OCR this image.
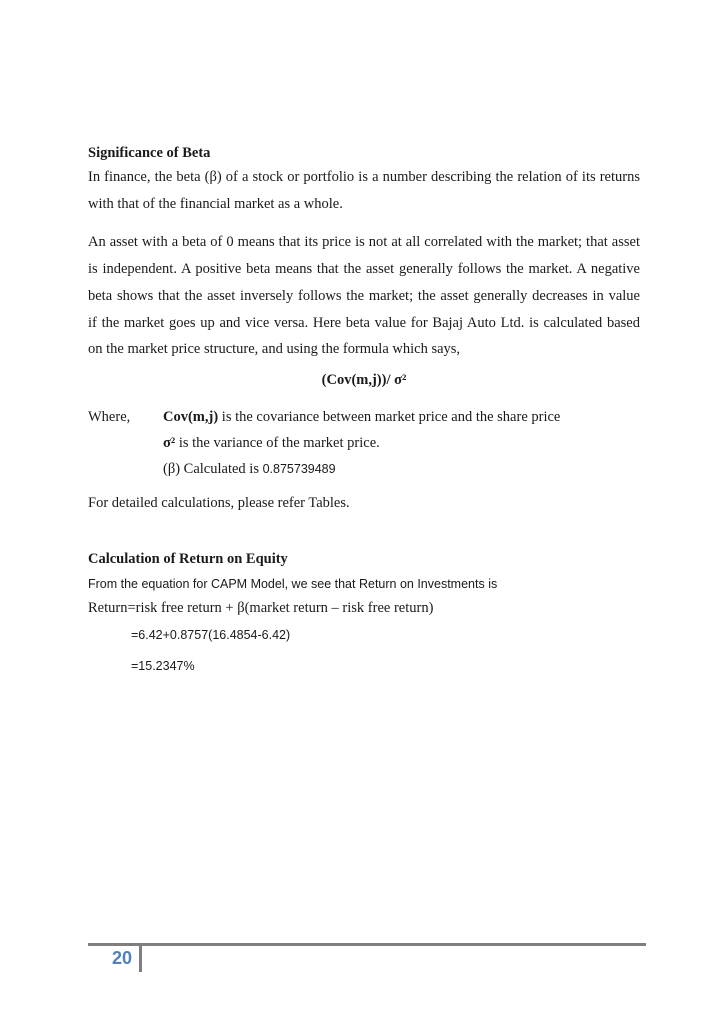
Significance of Beta
In finance, the beta (β) of a stock or portfolio is a number describing the relation of its returns
with that of the financial market as a whole.
An asset with a beta of 0 means that its price is not at all correlated with the market; that asset
is independent. A positive beta means that the asset generally follows the market. A negative
beta shows that the asset inversely follows the market; the asset generally decreases in value
if the market goes up and vice versa. Here beta value for Bajaj Auto Ltd. is calculated based
on the market price structure, and using the formula which says,
(Cov(m,j))/ σ²
Where,	Cov(m,j) is the covariance between market price and the share price
σ² is the variance of the market price.
(β) Calculated is 0.875739489
For detailed calculations, please refer Tables.
Calculation of Return on Equity
From the equation for CAPM Model, we see that Return on Investments is
Return=risk free return + β(market return – risk free return)
=6.42+0.8757(16.4854-6.42)
=15.2347%
20
